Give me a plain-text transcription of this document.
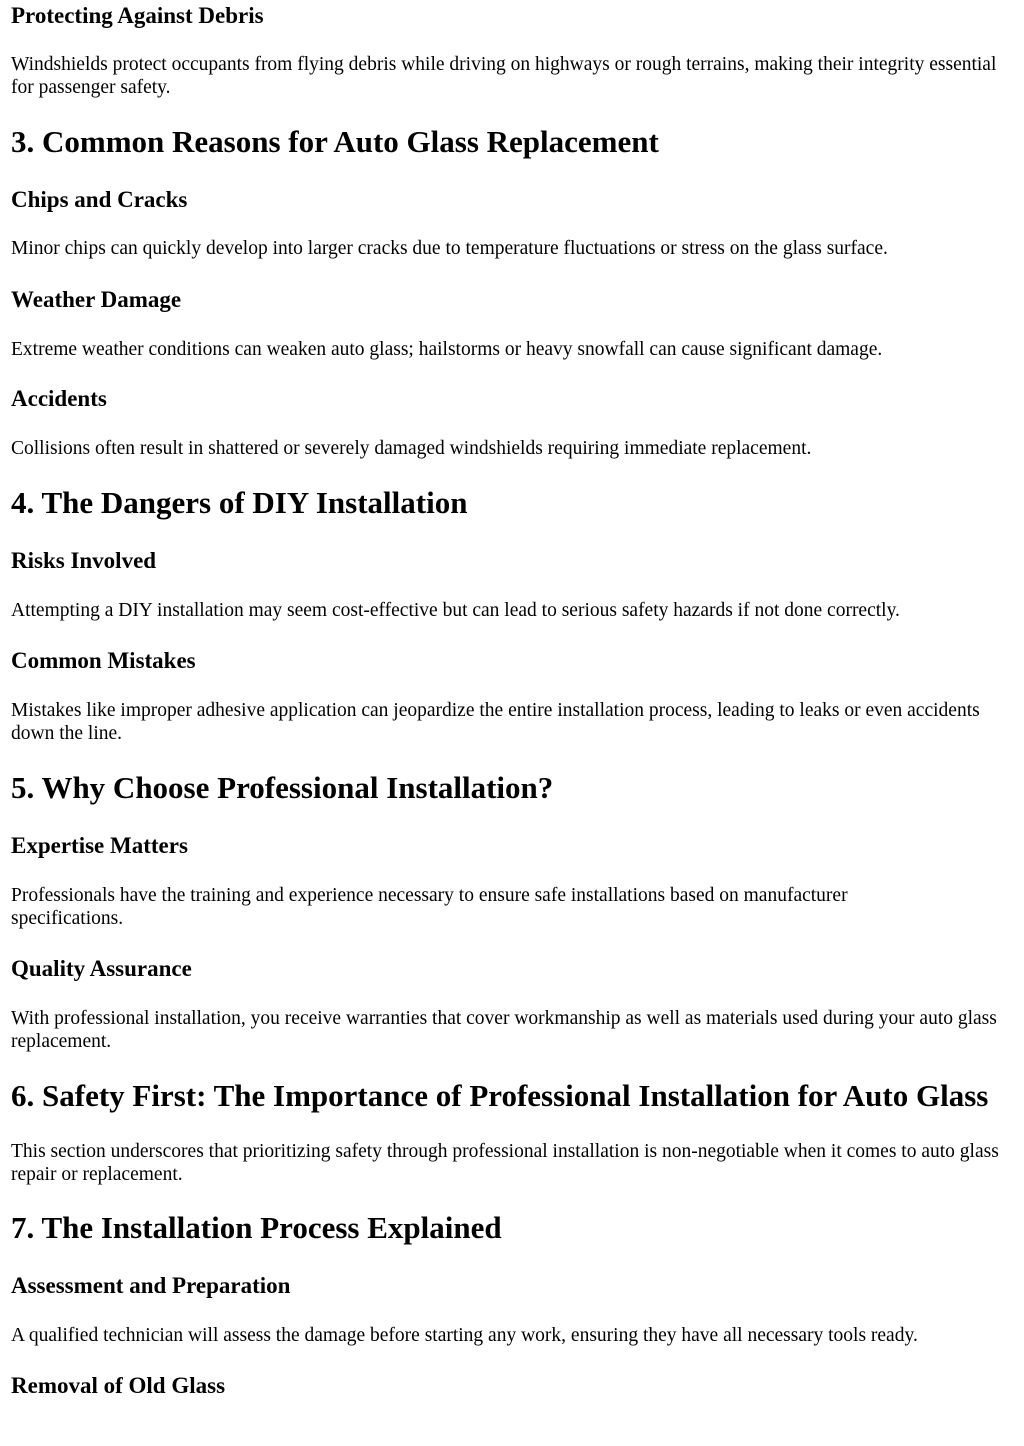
Protecting Against Debris

Windshields protect occupants from flying debris while driving on highways or rough terrains, making their integrity essential for passenger safety.

3. Common Reasons for Auto Glass Replacement
Chips and Cracks

Minor chips can quickly develop into larger cracks due to temperature fluctuations or stress on the glass surface.

Weather Damage

Extreme weather conditions can weaken auto glass; hailstorms or heavy snowfall can cause significant damage.

Accidents

Collisions often result in shattered or severely damaged windshields requiring immediate replacement.

4. The Dangers of DIY Installation
Risks Involved

Attempting a DIY installation may seem cost-effective but can lead to serious safety hazards if not done correctly.

Common Mistakes

Mistakes like improper adhesive application can jeopardize the entire installation process, leading to leaks or even accidents down the line.

5. Why Choose Professional Installation?
Expertise Matters

Professionals have the training and experience necessary to ensure safe installations based on manufacturer specifications.

Quality Assurance

With professional installation, you receive warranties that cover workmanship as well as materials used during your auto glass replacement.

6. Safety First: The Importance of Professional Installation for Auto Glass

This section underscores that prioritizing safety through professional installation is non-negotiable when it comes to auto glass repair or replacement.

7. The Installation Process Explained
Assessment and Preparation

A qualified technician will assess the damage before starting any work, ensuring they have all necessary tools ready.

Removal of Old Glass
